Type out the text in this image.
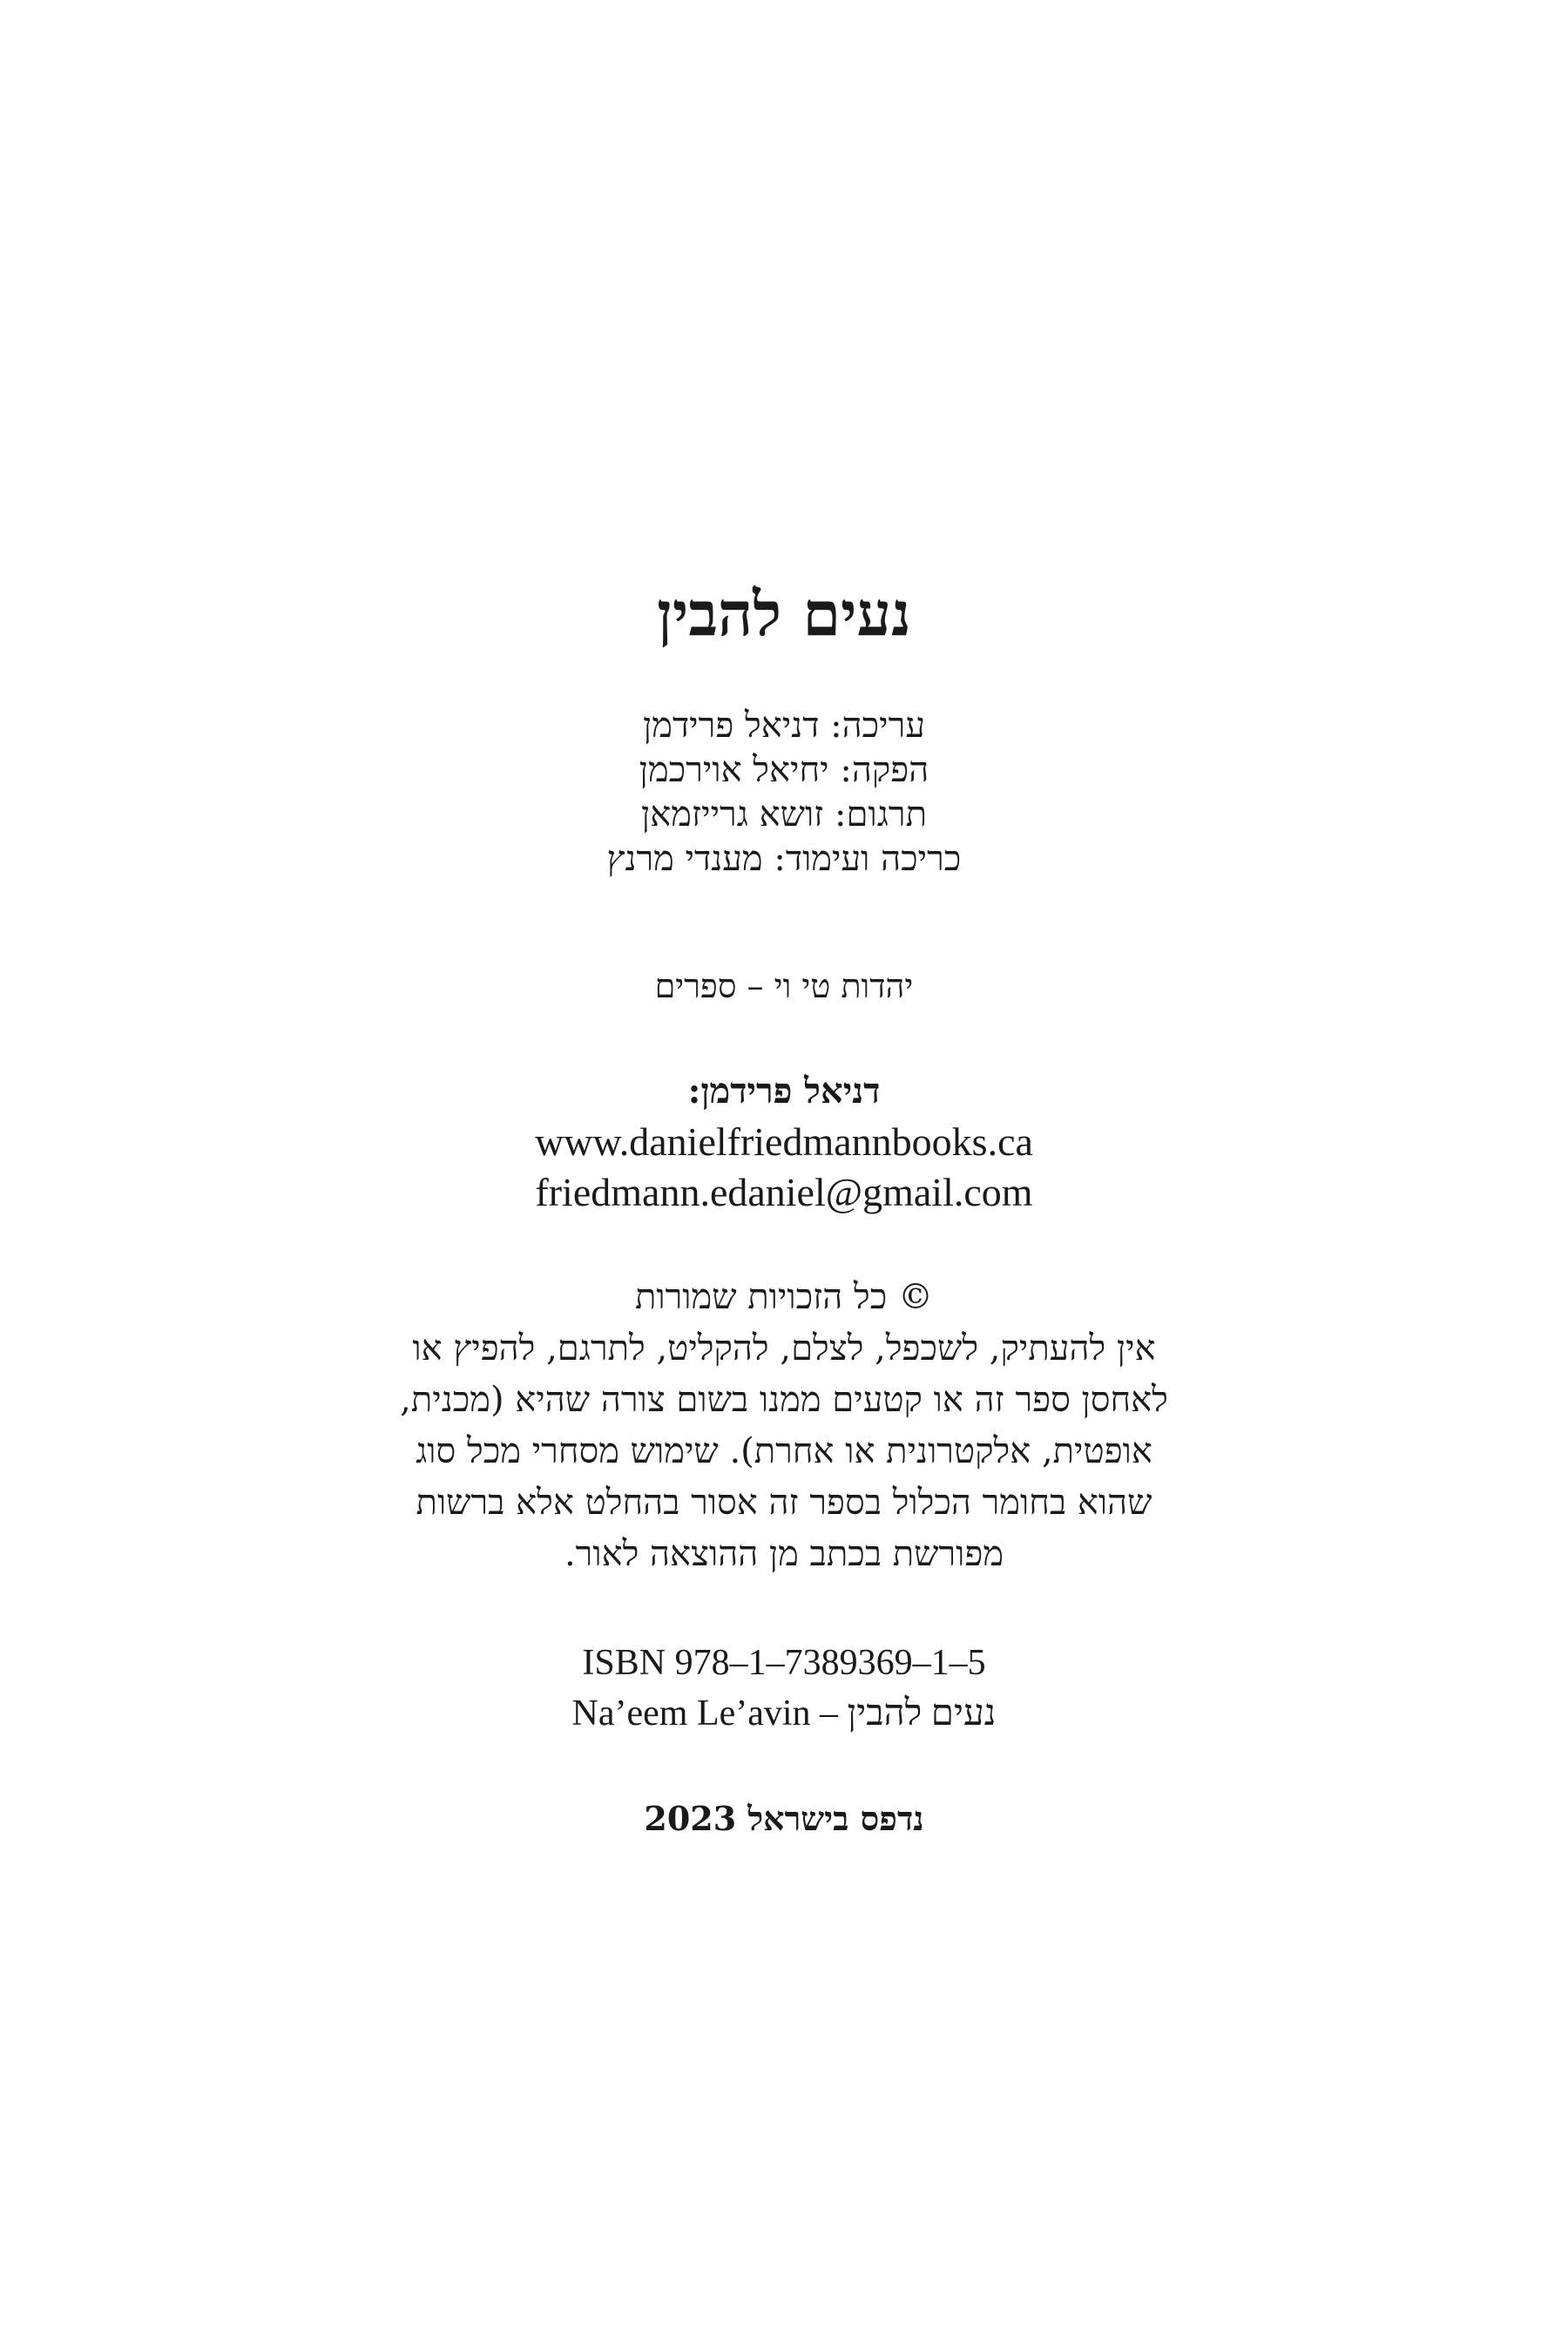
נעים להבין
עריכה: דניאל פרידמן
הפקה: יחיאל אוירכמן
תרגום: זושא גרייזמאן
כריכה ועימוד: מענדי מרנץ
יהדות טי וי – ספרים
דניאל פרידמן:
www.danielfriedmannbooks.ca
friedmann.edaniel@gmail.com
© כל הזכויות שמורות
אין להעתיק, לשכפל, לצלם, להקליט, לתרגם, להפיץ או
לאחסן ספר זה או קטעים ממנו בשום צורה שהיא (מכנית,
אופטית, אלקטרונית או אחרת). שימוש מסחרי מכל סוג
שהוא בחומר הכלול בספר זה אסור בהחלט אלא ברשות
מפורשת בכתב מן ההוצאה לאור.
ISBN 978–1–7389369–1–5
נעים להבין – Na’eem Le’avin
נדפס בישראל 2023
